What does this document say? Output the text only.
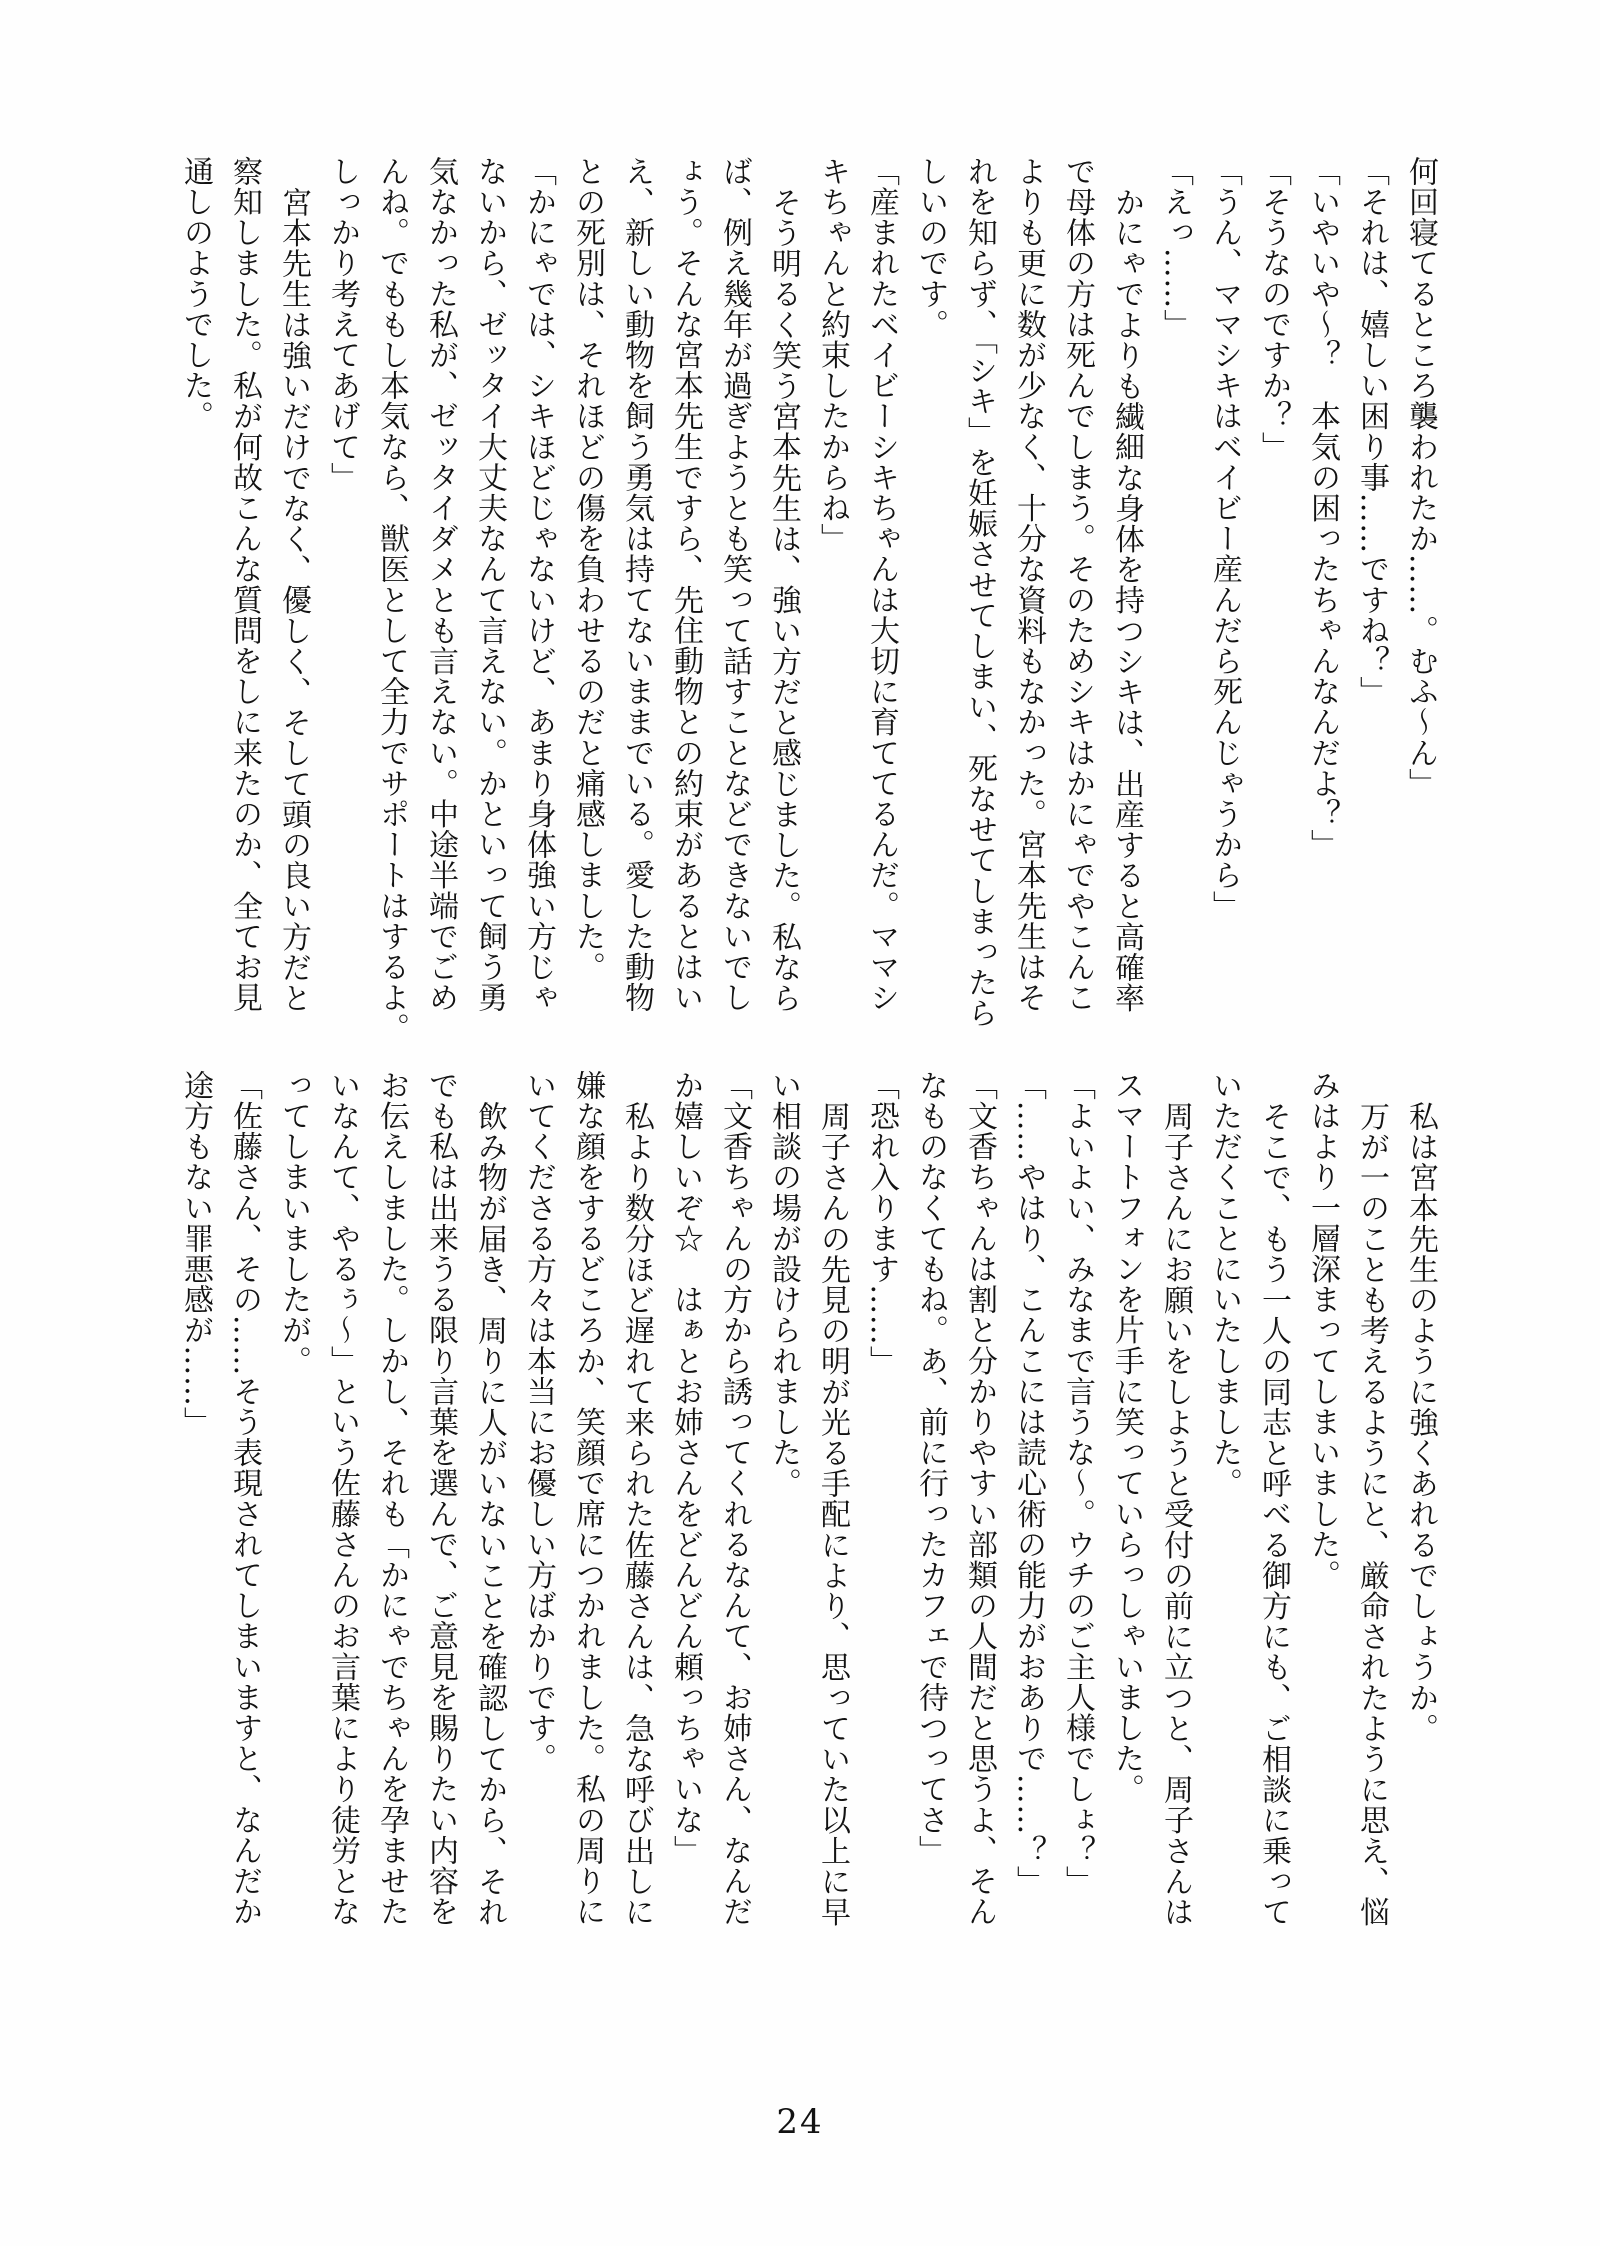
何回寝てるところ襲われたか……。むふ～ん」
「それは、嬉しい困り事……ですね？」
「いやいや～？　本気の困ったちゃんなんだよ？」
「そうなのですか？」
「うん、ママシキはベイビー産んだら死んじゃうから」
「えっ……」
かにゃでよりも繊細な身体を持つシキは、出産すると高確率
で母体の方は死んでしまう。そのためシキはかにゃでやこんこ
よりも更に数が少なく、十分な資料もなかった。宮本先生はそ
れを知らず、「シキ」を妊娠させてしまい、死なせてしまったら
しいのです。
「産まれたベイビーシキちゃんは大切に育ててるんだ。ママシ
キちゃんと約束したからね」
そう明るく笑う宮本先生は、強い方だと感じました。私なら
ば、例え幾年が過ぎようとも笑って話すことなどできないでし
ょう。そんな宮本先生ですら、先住動物との約束があるとはい
え、新しい動物を飼う勇気は持てないままでいる。愛した動物
との死別は、それほどの傷を負わせるのだと痛感しました。
「かにゃでは、シキほどじゃないけど、あまり身体強い方じゃ
ないから、ゼッタイ大丈夫なんて言えない。かといって飼う勇
気なかった私が、ゼッタイダメとも言えない。中途半端でごめ
んね。でももし本気なら、獣医として全力でサポートはするよ。
しっかり考えてあげて」
宮本先生は強いだけでなく、優しく、そして頭の良い方だと
察知しました。私が何故こんな質問をしに来たのか、全てお見
通しのようでした。
私は宮本先生のように強くあれるでしょうか。
万が一のことも考えるようにと、厳命されたように思え、悩
みはより一層深まってしまいました。
そこで、もう一人の同志と呼べる御方にも、ご相談に乗って
いただくことにいたしました。
周子さんにお願いをしようと受付の前に立つと、周子さんは
スマートフォンを片手に笑っていらっしゃいました。
「よいよい、みなまで言うな～。ウチのご主人様でしょ？」
「……やはり、こんこには読心術の能力がおありで……？」
「文香ちゃんは割と分かりやすい部類の人間だと思うよ、そん
なものなくてもね。あ、前に行ったカフェで待つってさ」
「恐れ入ります……」
周子さんの先見の明が光る手配により、思っていた以上に早
い相談の場が設けられました。
「文香ちゃんの方から誘ってくれるなんて、お姉さん、なんだ
か嬉しいぞ☆　はぁとお姉さんをどんどん頼っちゃいな」
私より数分ほど遅れて来られた佐藤さんは、急な呼び出しに
嫌な顔をするどころか、笑顔で席につかれました。私の周りに
いてくださる方々は本当にお優しい方ばかりです。
飲み物が届き、周りに人がいないことを確認してから、それ
でも私は出来うる限り言葉を選んで、ご意見を賜りたい内容を
お伝えしました。しかし、それも「かにゃでちゃんを孕ませた
いなんて、やるぅ～」という佐藤さんのお言葉により徒労とな
ってしまいましたが。
「佐藤さん、その……そう表現されてしまいますと、なんだか
途方もない罪悪感が……」
24
